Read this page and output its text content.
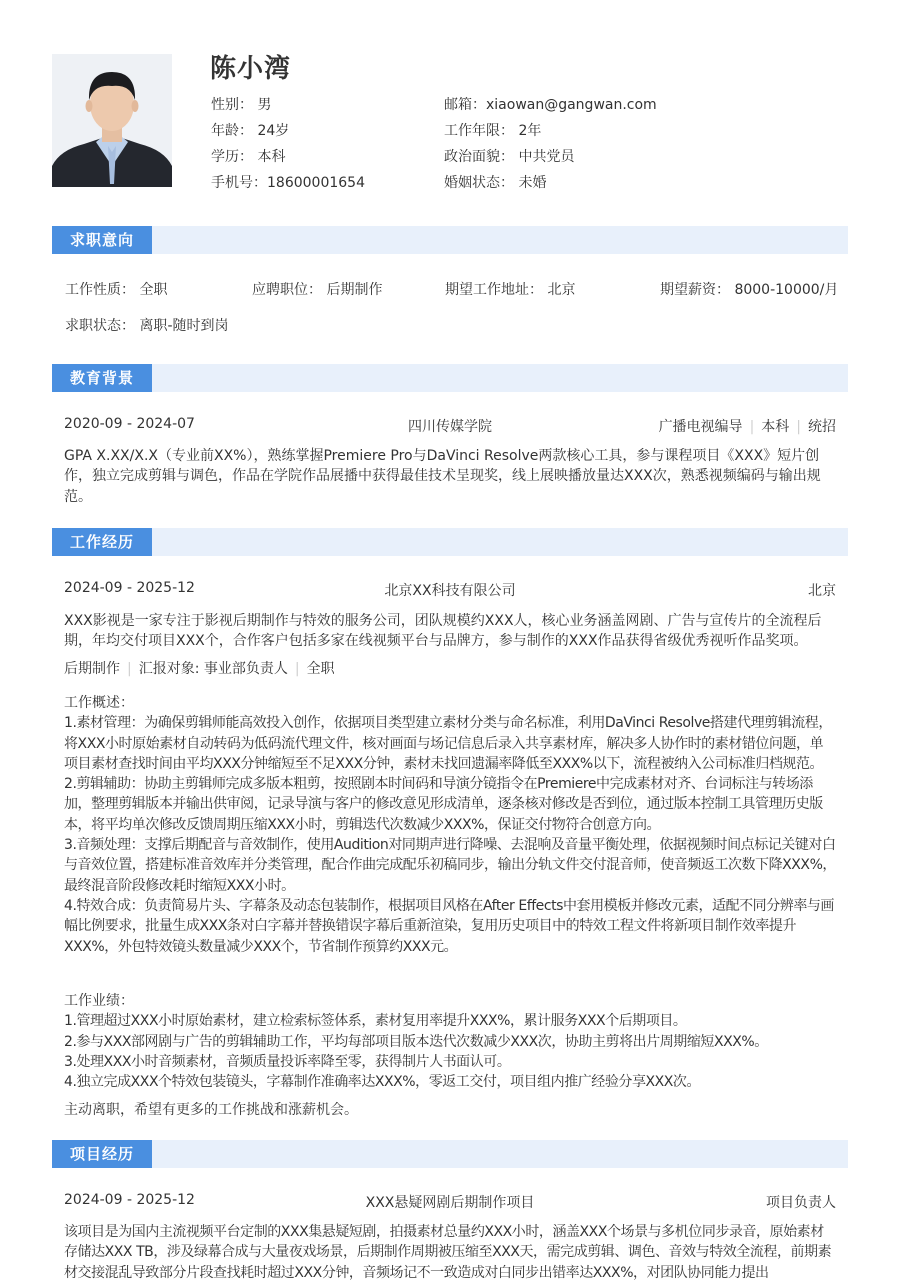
陈小湾
性别： 男	邮箱：xiaowan@gangwan.com
年龄： 24岁	工作年限： 2年
学历： 本科	政治面貌： 中共党员
手机号：18600001654	婚姻状态： 未婚
求职意向
工作性质： 全职	应聘职位： 后期制作	期望工作地址： 北京	期望薪资： 8000-10000/月
求职状态： 离职-随时到岗
教育背景
2020-09 - 2024-07	四川传媒学院	广播电视编导 | 本科 | 统招
GPA X.XX/X.X（专业前XX%），熟练掌握Premiere Pro与DaVinci Resolve两款核心工具，参与课程项目《XXX》短片创作，独立完成剪辑与调色，作品在学院作品展播中获得最佳技术呈现奖，线上展映播放量达XXX次，熟悉视频编码与输出规范。
工作经历
2024-09 - 2025-12	北京XX科技有限公司	北京
XXX影视是一家专注于影视后期制作与特效的服务公司，团队规模约XXX人，核心业务涵盖网剧、广告与宣传片的全流程后期，年均交付项目XXX个，合作客户包括多家在线视频平台与品牌方，参与制作的XXX作品获得省级优秀视听作品奖项。
后期制作 | 汇报对象: 事业部负责人 | 全职

工作概述：

1.素材管理：为确保剪辑师能高效投入创作，依据项目类型建立素材分类与命名标准，利用DaVinci Resolve搭建代理剪辑流程，将XXX小时原始素材自动转码为低码流代理文件，核对画面与场记信息后录入共享素材库，解决多人协作时的素材错位问题，单项目素材查找时间由平均XXX分钟缩短至不足XXX分钟，素材未找回遗漏率降低至XXX%以下，流程被纳入公司标准归档规范。

2.剪辑辅助：协助主剪辑师完成多版本粗剪，按照剧本时间码和导演分镜指令在Premiere中完成素材对齐、台词标注与转场添加，整理剪辑版本并输出供审阅，记录导演与客户的修改意见形成清单，逐条核对修改是否到位，通过版本控制工具管理历史版本，将平均单次修改反馈周期压缩XXX小时，剪辑迭代次数减少XXX%，保证交付物符合创意方向。

3.音频处理：支撑后期配音与音效制作，使用Audition对同期声进行降噪、去混响及音量平衡处理，依据视频时间点标记关键对白与音效位置，搭建标准音效库并分类管理，配合作曲完成配乐初稿同步，输出分轨文件交付混音师，使音频返工次数下降XXX%，最终混音阶段修改耗时缩短XXX小时。

4.特效合成：负责简易片头、字幕条及动态包装制作，根据项目风格在After Effects中套用模板并修改元素，适配不同分辨率与画幅比例要求，批量生成XXX条对白字幕并替换错误字幕后重新渲染，复用历史项目中的特效工程文件将新项目制作效率提升XXX%，外包特效镜头数量减少XXX个，节省制作预算约XXX元。

工作业绩：

1.管理超过XXX小时原始素材，建立检索标签体系，素材复用率提升XXX%，累计服务XXX个后期项目。

2.参与XXX部网剧与广告的剪辑辅助工作，平均每部项目版本迭代次数减少XXX次，协助主剪将出片周期缩短XXX%。

3.处理XXX小时音频素材，音频质量投诉率降至零，获得制片人书面认可。

4.独立完成XXX个特效包装镜头，字幕制作准确率达XXX%，零返工交付，项目组内推广经验分享XXX次。

主动离职，希望有更多的工作挑战和涨薪机会。
项目经历
2024-09 - 2025-12	XXX悬疑网剧后期制作项目	项目负责人
该项目是为国内主流视频平台定制的XXX集悬疑短剧，拍摄素材总量约XXX小时，涵盖XXX个场景与多机位同步录音，原始素材存储达XXX TB，涉及绿幕合成与大量夜戏场景，后期制作周期被压缩至XXX天，需完成剪辑、调色、音效与特效全流程，前期素材交接混乱导致部分片段查找耗时超过XXX分钟，音频场记不一致造成对白同步出错率达XXX%，对团队协同能力提出
